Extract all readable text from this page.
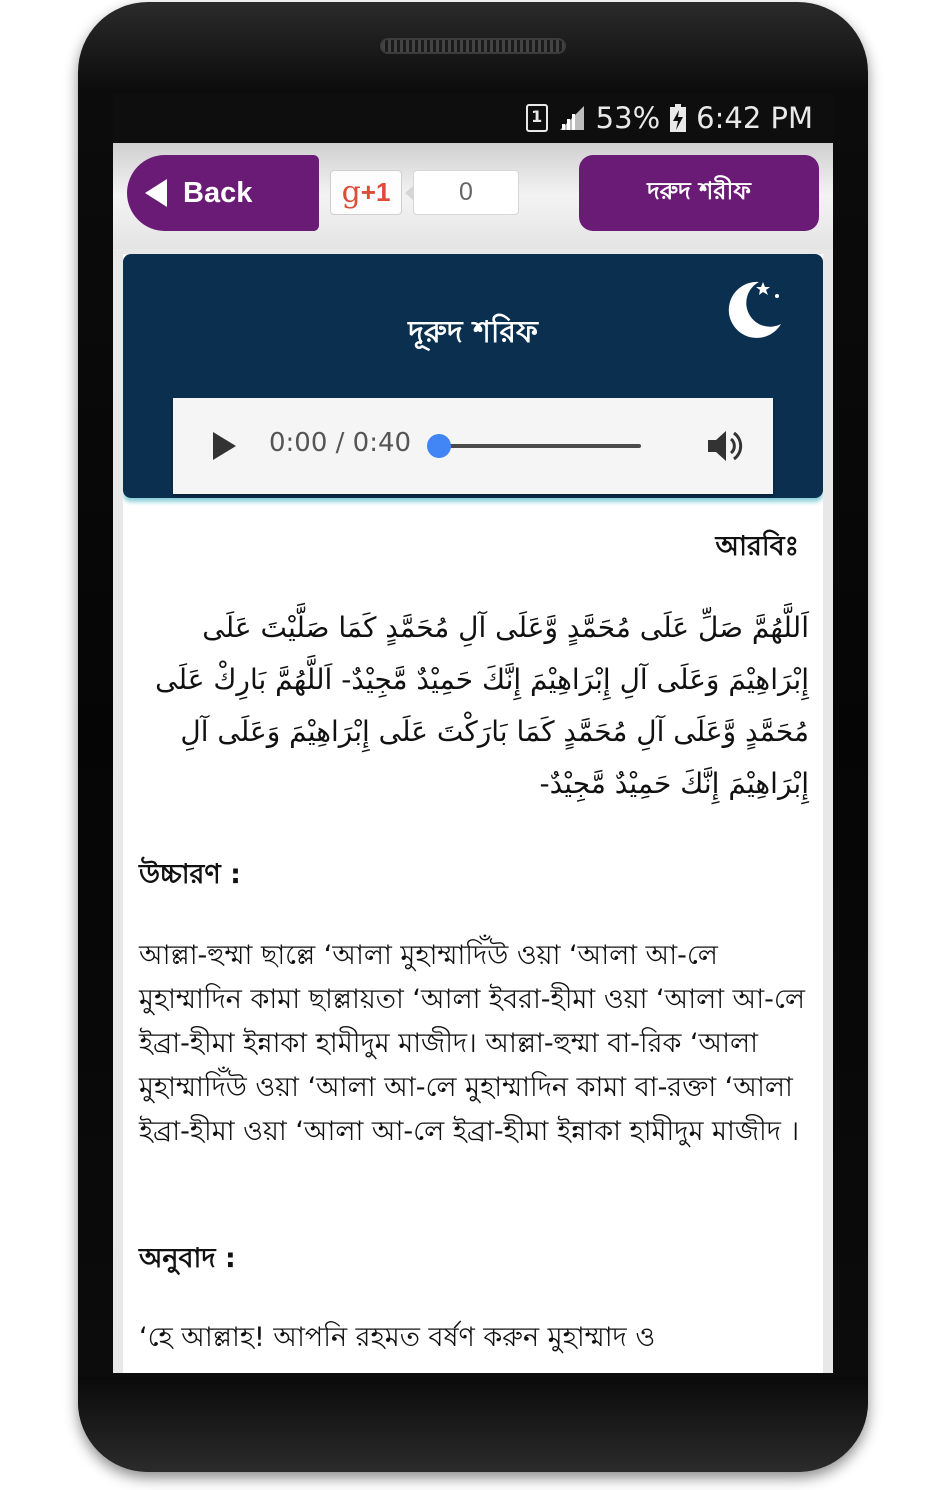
1 53% 6:42 PM
Back	g +1	0	দরুদ শরীফ
দূরুদ শরিফ
0:00 / 0:40
আরবিঃ
اَللَّهُمَّ صَلِّ عَلَى مُحَمَّدٍ وَّعَلَى آلِ مُحَمَّدٍ كَمَا صَلَّيْتَ عَلَى إِبْرَاهِيْمَ وَعَلَى آلِ إِبْرَاهِيْمَ إِنَّكَ حَمِيْدٌ مَّجِيْدٌ- اَللَّهُمَّ بَارِكْ عَلَى مُحَمَّدٍ وَّعَلَى آلِ مُحَمَّدٍ كَمَا بَارَكْتَ عَلَى إِبْرَاهِيْمَ وَعَلَى آلِ إِبْرَاهِيْمَ إِنَّكَ حَمِيْدٌ مَّجِيْدٌ-
উচ্চারণ :
আল্লা-হুম্মা ছাল্লে ‘আলা মুহাম্মাদিঁউ ওয়া ‘আলা আ-লে মুহাম্মাদিন কামা ছাল্লায়তা ‘আলা ইবরা-হীমা ওয়া ‘আলা আ-লে ইব্রা-হীমা ইন্নাকা হামীদুম মাজীদ। আল্লা-হুম্মা বা-রিক ‘আলা মুহাম্মাদিঁউ ওয়া ‘আলা আ-লে মুহাম্মাদিন কামা বা-রক্তা ‘আলা ইব্রা-হীমা ওয়া ‘আলা আ-লে ইব্রা-হীমা ইন্নাকা হামীদুম মাজীদ ।
অনুবাদ :
‘হে আল্লাহ! আপনি রহমত বর্ষণ করুন মুহাম্মাদ ও
